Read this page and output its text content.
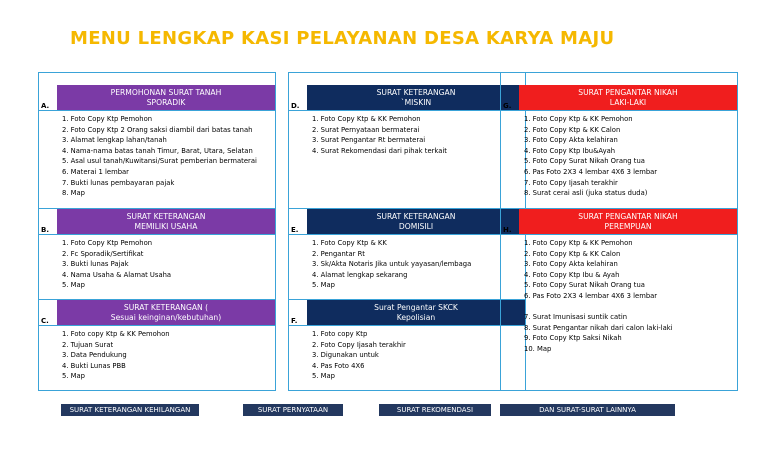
MENU LENGKAP KASI PELAYANAN DESA KARYA MAJU
PERMOHONAN SURAT TANAH
SPORADIK
A.
1. Foto Copy Ktp Pemohon
2. Foto Copy Ktp 2 Orang saksi diambil dari batas tanah
3. Alamat lengkap lahan/tanah
4. Nama-nama batas tanah Timur, Barat, Utara, Selatan
5. Asal usul tanah/Kuwitansi/Surat pemberian bermaterai
6. Materai 1 lembar
7. Bukti lunas pembayaran pajak
8. Map
SURAT KETERANGAN
MEMILIKI USAHA
B.
1. Foto Copy Ktp Pemohon
2. Fc Sporadik/Sertifikat
3. Bukti lunas Pajak
4. Nama Usaha & Alamat Usaha
5. Map
SURAT KETERANGAN (
Sesuai keinginan/kebutuhan)
C.
1. Foto copy Ktp & KK Pemohon
2. Tujuan Surat
3. Data Pendukung
4. Bukti Lunas PBB
5. Map
SURAT KETERANGAN
`MISKIN
D.
1. Foto Copy Ktp & KK Pemohon
2. Surat Pernyataan bermaterai
3. Surat Pengantar Rt bermaterai
4. Surat Rekomendasi dari pihak terkait
SURAT KETERANGAN
DOMISILI
E.
1. Foto Copy Ktp & KK
2. Pengantar Rt
3. Sk/Akta Notaris Jika untuk yayasan/lembaga
4. Alamat lengkap sekarang
5. Map
Surat Pengantar SKCK
Kepolisian
F.
1. Foto copy Ktp
2. Foto Copy Ijasah terakhir
3. Digunakan untuk
4. Pas Foto 4X6
5. Map
SURAT PENGANTAR NIKAH
LAKI-LAKI
G.
1. Foto Copy Ktp & KK Pemohon
2. Foto Copy Ktp & KK Calon
3. Foto Copy Akta kelahiran
4. Foto Copy Ktp Ibu&Ayah
5. Foto Copy Surat Nikah Orang tua
6. Pas Foto 2X3 4 lembar 4X6 3 lembar
7. Foto Copy Ijasah terakhir
8. Surat cerai asli (juka status duda)
SURAT PENGANTAR NIKAH
PEREMPUAN
H.
1. Foto Copy Ktp & KK Pemohon
2. Foto Copy Ktp & KK Calon
3. Foto Copy Akta kelahiran
4. Foto Copy Ktp Ibu & Ayah
5. Foto Copy Surat Nikah Orang tua
6. Pas Foto 2X3 4 lembar 4X6 3 lembar
7. Surat Imunisasi suntik catin
8. Surat Pengantar nikah dari calon laki-laki
9. Foto Copy Ktp Saksi Nikah
10. Map
SURAT KETERANGAN KEHILANGAN	SURAT PERNYATAAN	SURAT REKOMENDASI	DAN SURAT-SURAT LAINNYA
